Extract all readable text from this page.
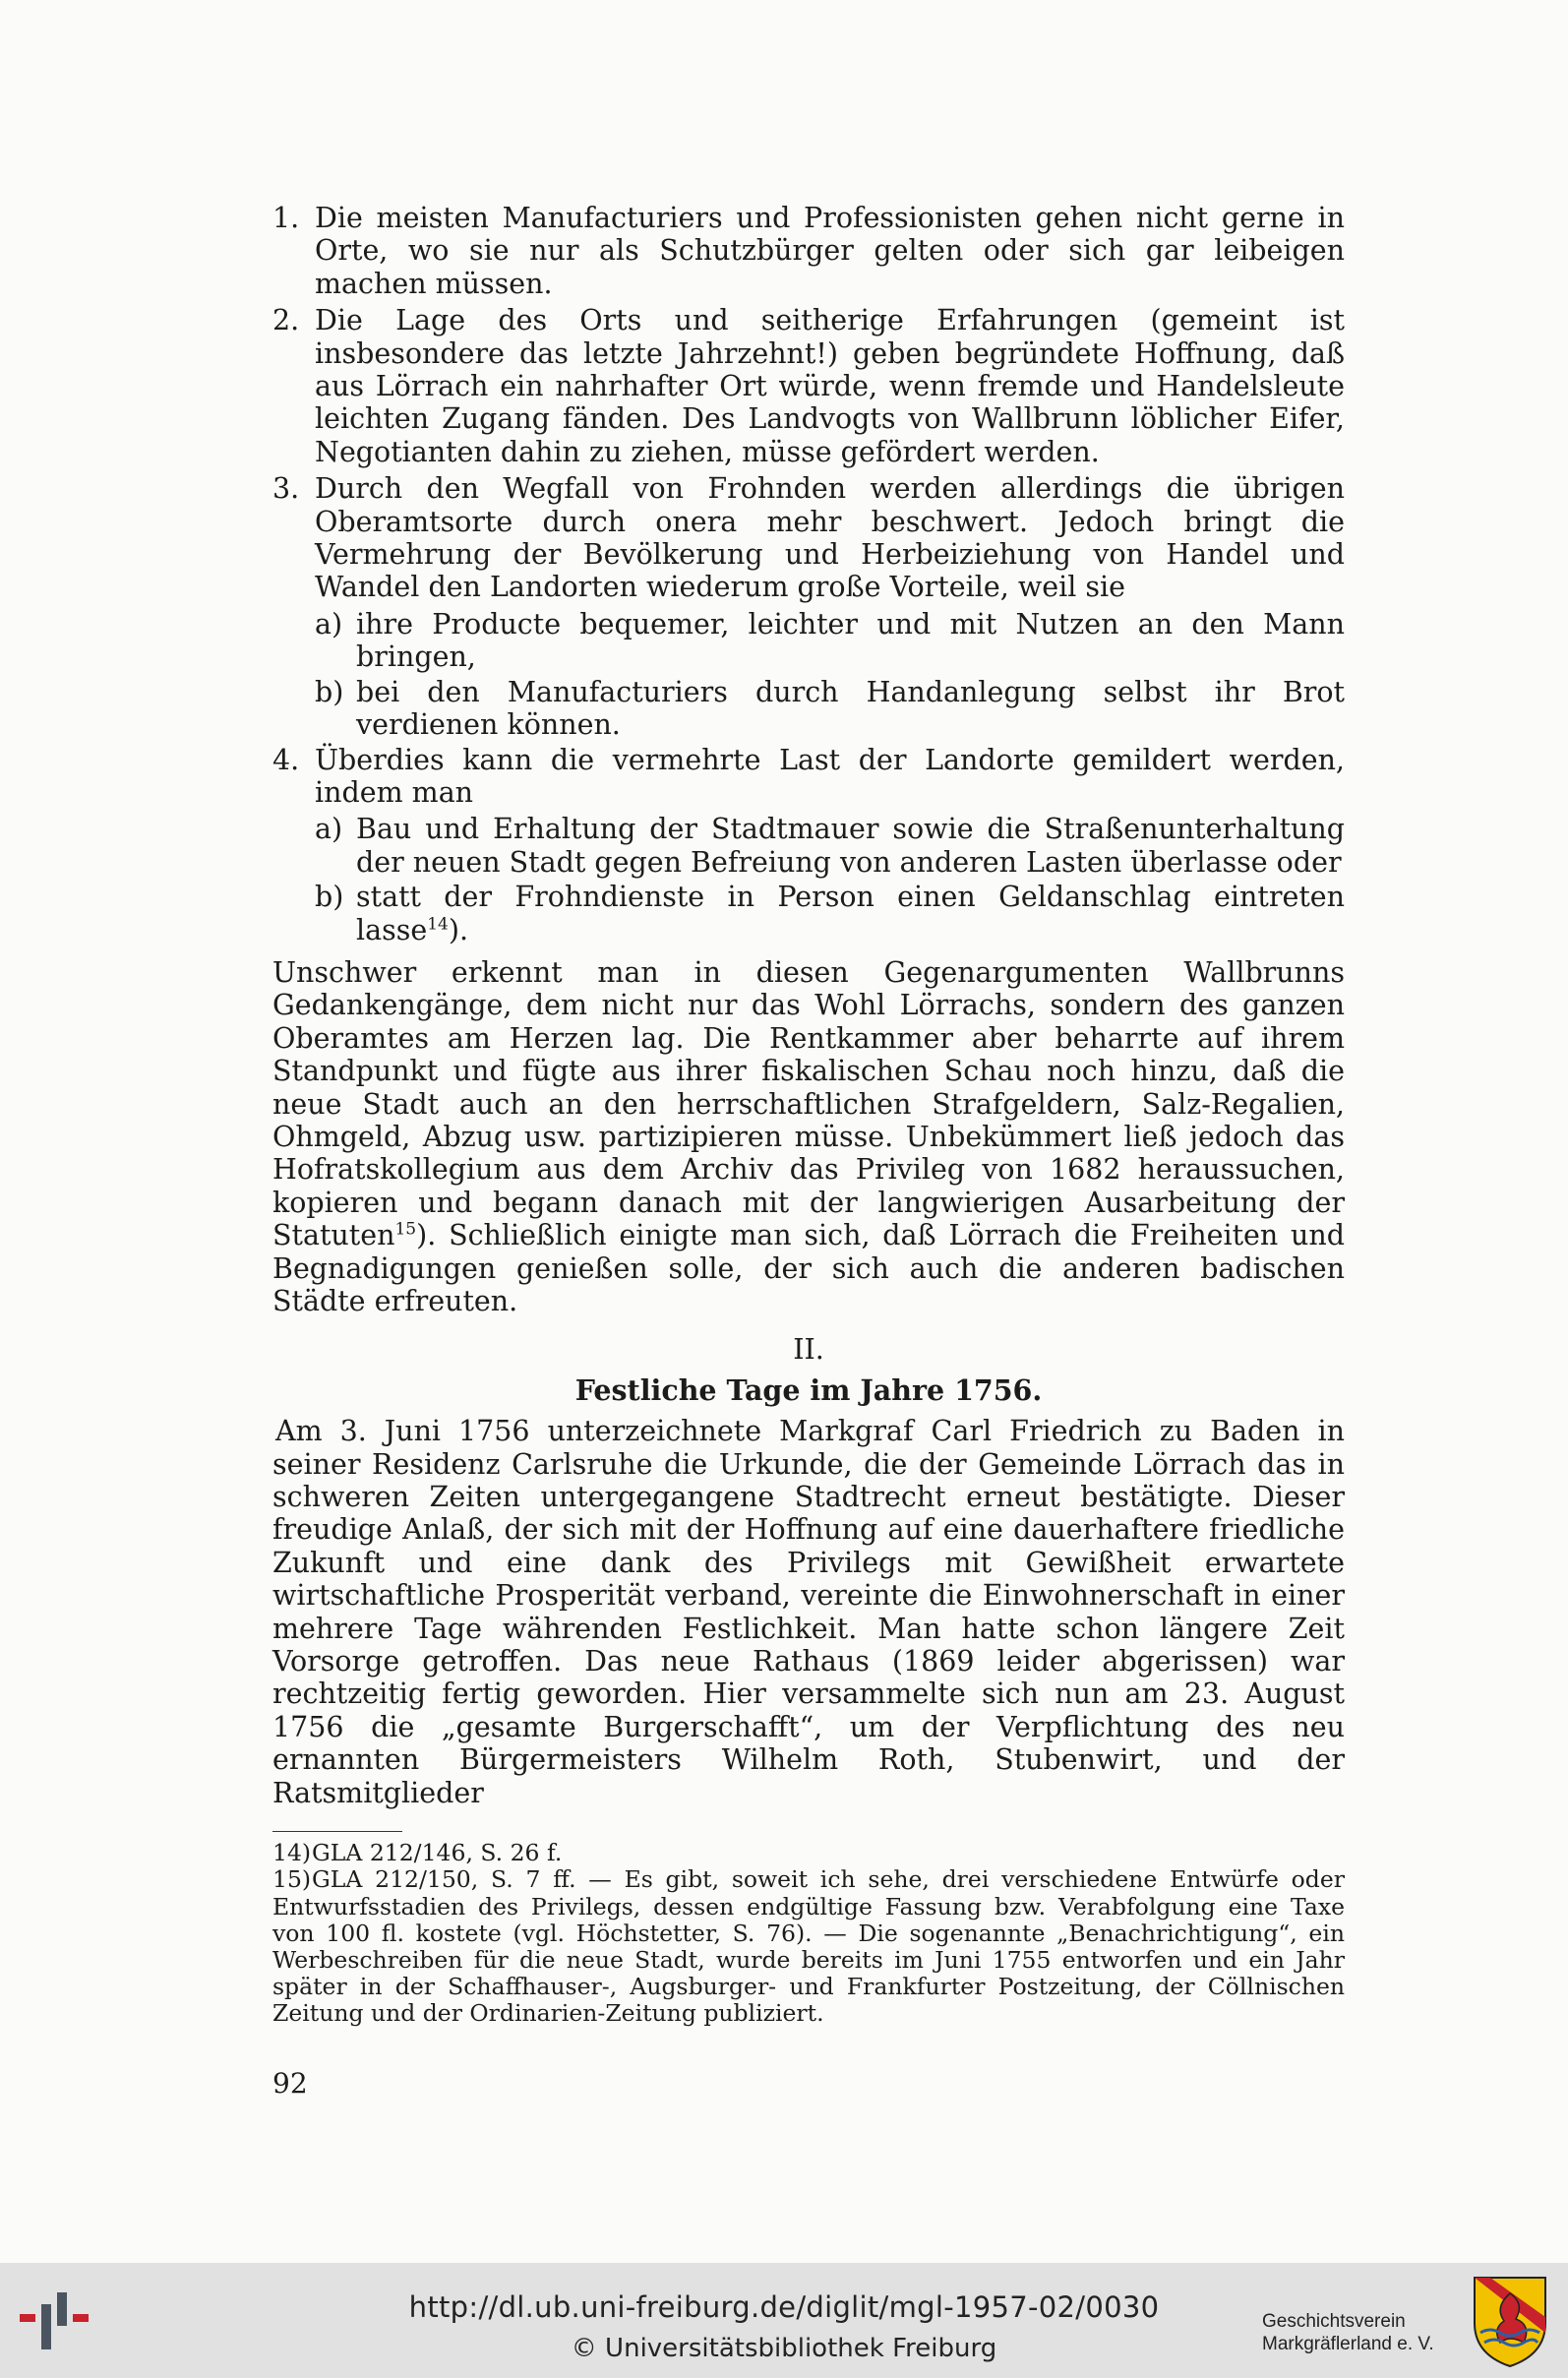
1. Die meisten Manufacturiers und Professionisten gehen nicht gerne in Orte, wo sie nur als Schutzbürger gelten oder sich gar leibeigen machen müssen.

2. Die Lage des Orts und seitherige Erfahrungen (gemeint ist insbesondere das letzte Jahrzehnt!) geben begründete Hoffnung, daß aus Lörrach ein nahrhafter Ort würde, wenn fremde und Handelsleute leichten Zugang fänden. Des Landvogts von Wallbrunn löblicher Eifer, Negotianten dahin zu ziehen, müsse gefördert werden.

3. Durch den Wegfall von Frohnden werden allerdings die übrigen Oberamtsorte durch onera mehr beschwert. Jedoch bringt die Vermehrung der Bevölkerung und Herbeiziehung von Handel und Wandel den Landorten wiederum große Vorteile, weil sie

a) ihre Producte bequemer, leichter und mit Nutzen an den Mann bringen,

b) bei den Manufacturiers durch Handanlegung selbst ihr Brot verdienen können.

4. Überdies kann die vermehrte Last der Landorte gemildert werden, indem man

a) Bau und Erhaltung der Stadtmauer sowie die Straßenunterhaltung der neuen Stadt gegen Befreiung von anderen Lasten überlasse oder

b) statt der Frohndienste in Person einen Geldanschlag eintreten lasse$^{14}$).

Unschwer erkennt man in diesen Gegenargumenten Wallbrunns Gedankengänge, dem nicht nur das Wohl Lörrachs, sondern des ganzen Oberamtes am Herzen lag. Die Rentkammer aber beharrte auf ihrem Standpunkt und fügte aus ihrer fiskalischen Schau noch hinzu, daß die neue Stadt auch an den herrschaftlichen Strafgeldern, Salz-Regalien, Ohmgeld, Abzug usw. partizipieren müsse. Unbekümmert ließ jedoch das Hofratskollegium aus dem Archiv das Privileg von 1682 heraussuchen, kopieren und begann danach mit der langwierigen Ausarbeitung der Statuten$^{15}$). Schließlich einigte man sich, daß Lörrach die Freiheiten und Begnadigungen genießen solle, der sich auch die anderen badischen Städte erfreuten.

II.

Festliche Tage im Jahre 1756.

Am 3. Juni 1756 unterzeichnete Markgraf Carl Friedrich zu Baden in seiner Residenz Carlsruhe die Urkunde, die der Gemeinde Lörrach das in schweren Zeiten untergegangene Stadtrecht erneut bestätigte. Dieser freudige Anlaß, der sich mit der Hoffnung auf eine dauerhaftere friedliche Zukunft und eine dank des Privilegs mit Gewißheit erwartete wirtschaftliche Prosperität verband, vereinte die Einwohnerschaft in einer mehrere Tage währenden Festlichkeit. Man hatte schon längere Zeit Vorsorge getroffen. Das neue Rathaus (1869 leider abgerissen) war rechtzeitig fertig geworden. Hier versammelte sich nun am 23. August 1756 die „gesamte Burgerschafft“, um der Verpflichtung des neu ernannten Bürgermeisters Wilhelm Roth, Stubenwirt, und der Ratsmitglieder

14)GLA 212/146, S. 26 f.

15)GLA 212/150, S. 7 ff. — Es gibt, soweit ich sehe, drei verschiedene Entwürfe oder Entwurfsstadien des Privilegs, dessen endgültige Fassung bzw. Verabfolgung eine Taxe von 100 fl. kostete (vgl. Höchstetter, S. 76). — Die sogenannte „Benachrichtigung“, ein Werbeschreiben für die neue Stadt, wurde bereits im Juni 1755 entworfen und ein Jahr später in der Schaffhauser-, Augsburger- und Frankfurter Postzeitung, der Cöllnischen Zeitung und der Ordinarien-Zeitung publiziert.

92

http://dl.ub.uni-freiburg.de/diglit/mgl-1957-02/0030
© Universitätsbibliothek Freiburg
Geschichtsverein
Markgräflerland e. V.
